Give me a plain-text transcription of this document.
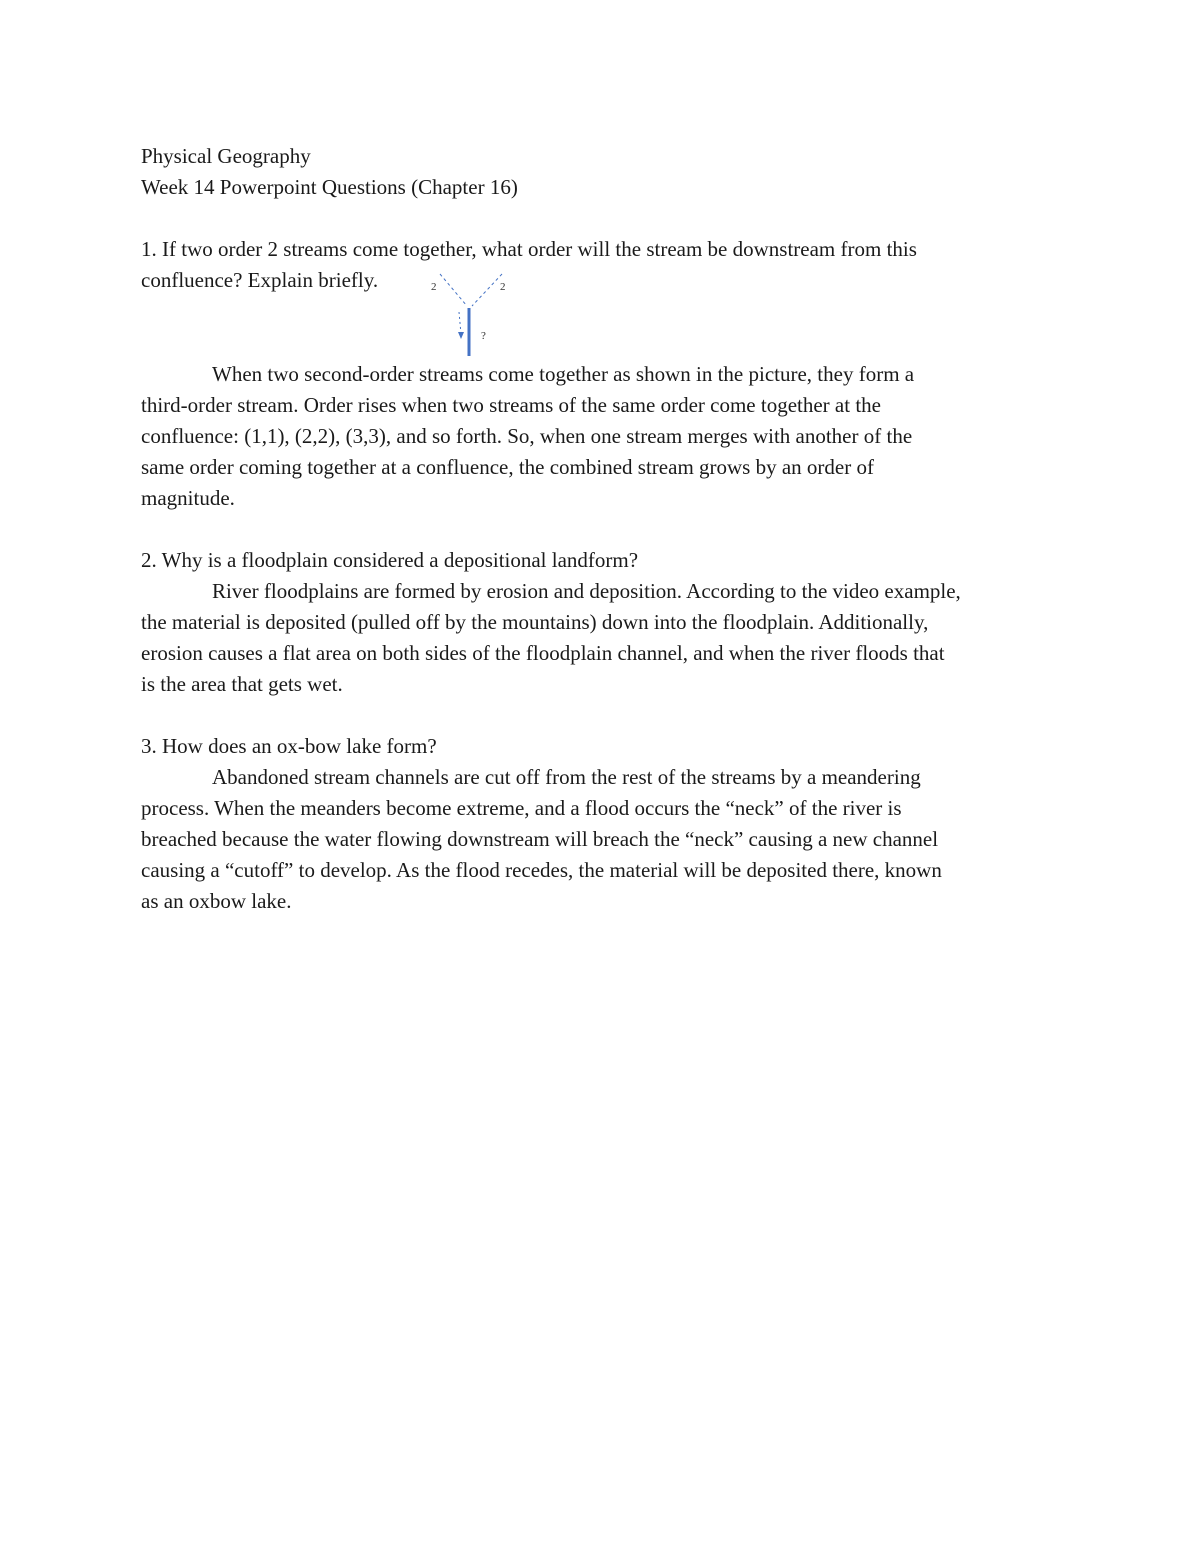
Physical Geography
Week 14 Powerpoint Questions (Chapter 16)
1. If two order 2 streams come together, what order will the stream be downstream from this
confluence? Explain briefly.	2	2
?
When two second-order streams come together as shown in the picture, they form a
third-order stream. Order rises when two streams of the same order come together at the
confluence: (1,1), (2,2), (3,3), and so forth. So, when one stream merges with another of the
same order coming together at a confluence, the combined stream grows by an order of
magnitude.
2. Why is a floodplain considered a depositional landform?
River floodplains are formed by erosion and deposition. According to the video example,
the material is deposited (pulled off by the mountains) down into the floodplain. Additionally,
erosion causes a flat area on both sides of the floodplain channel, and when the river floods that
is the area that gets wet.
3. How does an ox-bow lake form?
Abandoned stream channels are cut off from the rest of the streams by a meandering
process. When the meanders become extreme, and a flood occurs the “neck” of the river is
breached because the water flowing downstream will breach the “neck” causing a new channel
causing a “cutoff” to develop. As the flood recedes, the material will be deposited there, known
as an oxbow lake.
